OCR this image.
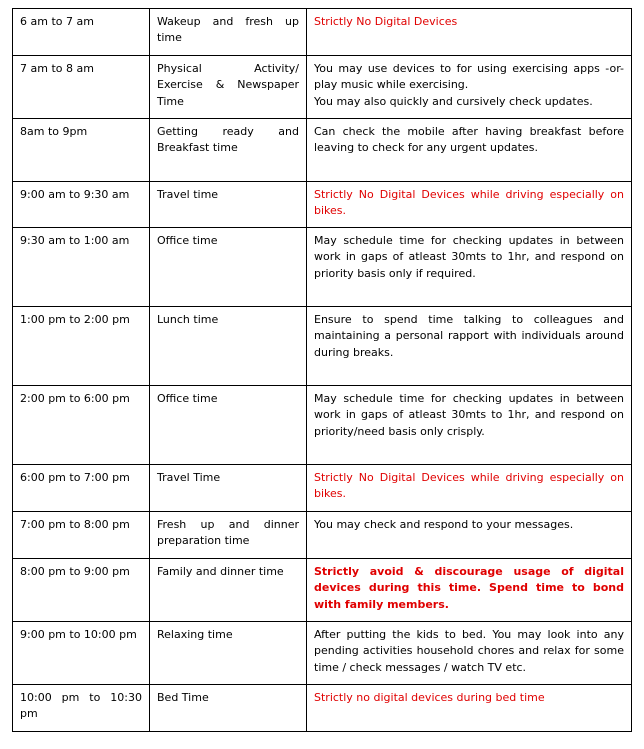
6 am to 7 am	Wakeup and fresh up time	Strictly No Digital Devices
7 am to 8 am	Physical Activity/ Exercise & Newspaper Time	You may use devices to for using exercising apps -or- play music while exercising.
You may also quickly and cursively check updates.

8am to 9pm	Getting ready and Breakfast time	Can check the mobile after having breakfast before leaving to check for any urgent updates.
9:00 am to 9:30 am	Travel time	Strictly No Digital Devices while driving especially on bikes.
9:30 am to 1:00 am	Office time	May schedule time for checking updates in between work in gaps of atleast 30mts to 1hr, and respond on priority basis only if required.
1:00 pm to 2:00 pm	Lunch time	Ensure to spend time talking to colleagues and maintaining a personal rapport with individuals around during breaks.
2:00 pm to 6:00 pm	Office time	May schedule time for checking updates in between work in gaps of atleast 30mts to 1hr, and respond on priority/need basis only crisply.
6:00 pm to 7:00 pm	Travel Time	Strictly No Digital Devices while driving especially on bikes.
7:00 pm to 8:00 pm	Fresh up and dinner preparation time	You may check and respond to your messages.
8:00 pm to 9:00 pm	Family and dinner time	Strictly avoid & discourage usage of digital devices during this time. Spend time to bond with family members.
9:00 pm to 10:00 pm	Relaxing time	After putting the kids to bed. You may look into any pending activities household chores and relax for some time / check messages / watch TV etc.
10:00 pm to 10:30 pm	Bed Time	Strictly no digital devices during bed time
